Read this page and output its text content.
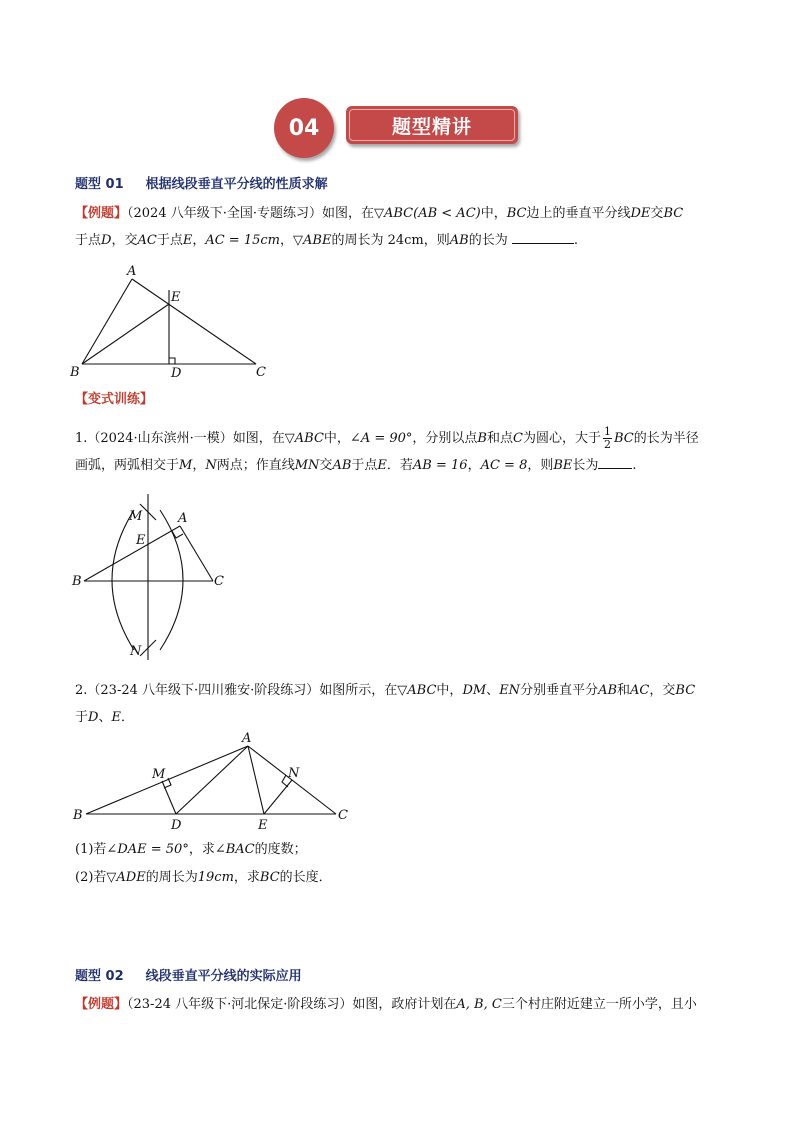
04	题型精讲
题型 01 根据线段垂直平分线的性质求解
【例题】（2024 八年级下·全国·专题练习）如图，在▽ABC(AB < AC)中，BC边上的垂直平分线DE交BC
于点D，交AC于点E，AC = 15cm，▽ABE的周长为 24cm，则AB的长为	.
A
B	C
D
E
【变式训练】
1.（2024·山东滨州·一模）如图，在▽ABC中，∠A = 90°，分别以点B和点C为圆心，大于 $\frac{1}{2}$ BC的长为半径
画弧，两弧相交于M，N两点；作直线MN交AB于点E．若AB = 16，AC = 8，则BE长为	.
M	A
E
B	C
N
2.（23-24 八年级下·四川雅安·阶段练习）如图所示，在▽ABC中，DM、EN分别垂直平分AB和AC，交BC
于D、E．
A
M	N
B
D	E
C
(1)若∠DAE = 50°，求∠BAC的度数；
(2)若▽ADE的周长为19cm，求BC的长度．
题型 02 线段垂直平分线的实际应用
【例题】（23-24 八年级下·河北保定·阶段练习）如图，政府计划在A, B, C三个村庄附近建立一所小学，且小
